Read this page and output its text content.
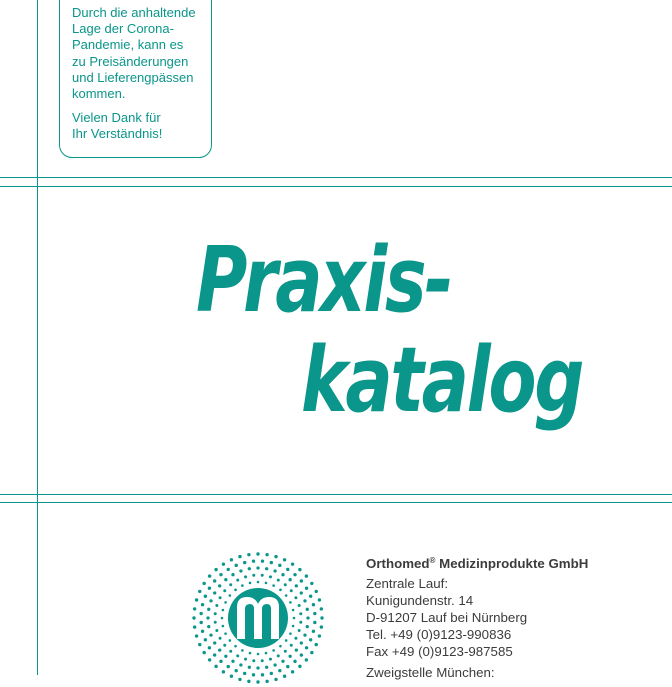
Durch die anhaltende
Lage der Corona-
Pandemie, kann es
zu Preisänderungen
und Lieferengpässen
kommen.

Vielen Dank für
Ihr Verständnis!

Praxis-
katalog
Orthomed® Medizinprodukte GmbH
Zentrale Lauf:
Kunigundenstr. 14
D-91207 Lauf bei Nürnberg
Tel. +49 (0)9123-990836
Fax +49 (0)9123-987585
Zweigstelle München:
